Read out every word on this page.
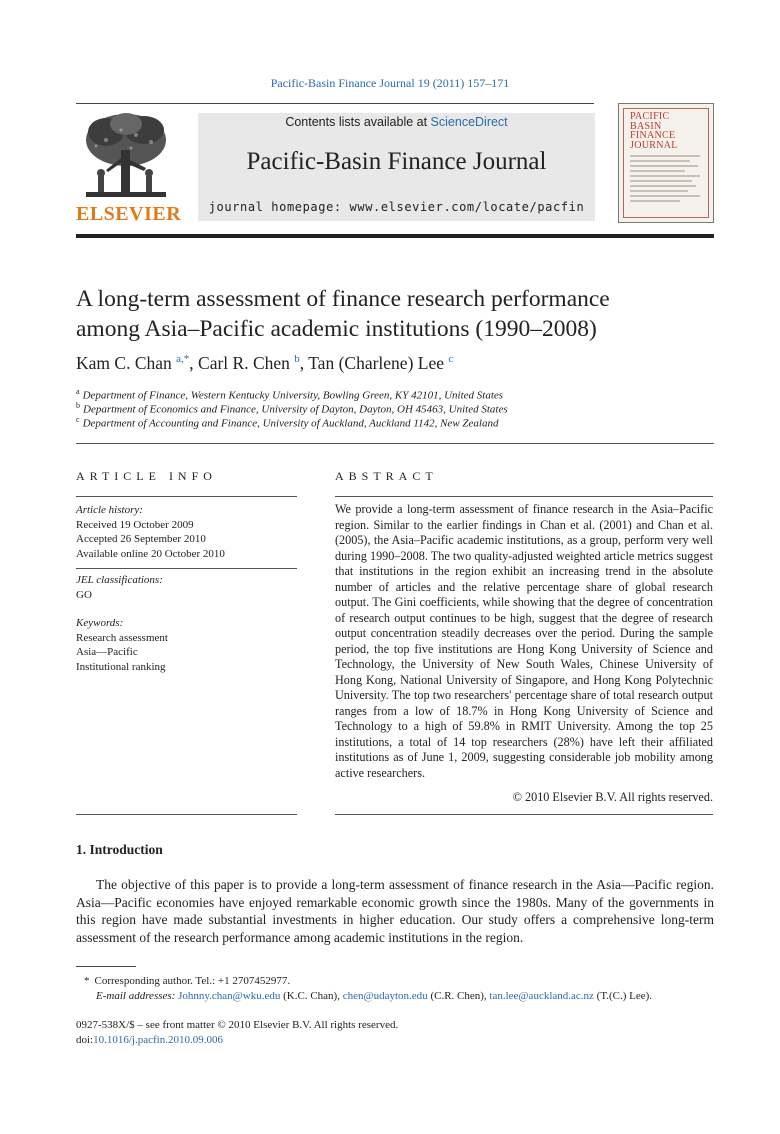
Pacific-Basin Finance Journal 19 (2011) 157–171
ELSEVIER
Contents lists available at ScienceDirect
Pacific-Basin Finance Journal
journal homepage: www.elsevier.com/locate/pacfin
PACIFIC
BASIN
FINANCE
JOURNAL
A long-term assessment of finance research performance
among Asia–Pacific academic institutions (1990–2008)
Kam C. Chan $^{a,*}$, Carl R. Chen $^b$, Tan (Charlene) Lee $^c$
$^a$ Department of Finance, Western Kentucky University, Bowling Green, KY 42101, United States
$^b$ Department of Economics and Finance, University of Dayton, Dayton, OH 45463, United States
$^c$ Department of Accounting and Finance, University of Auckland, Auckland 1142, New Zealand
ARTICLE INFO
Article history:
Received 19 October 2009
Accepted 26 September 2010
Available online 20 October 2010
JEL classifications:
GO
Keywords:
Research assessment
Asia—Pacific
Institutional ranking
ABSTRACT
We provide a long-term assessment of finance research in the Asia–Pacific region. Similar to the earlier findings in Chan et al. (2001) and Chan et al. (2005), the Asia–Pacific academic institutions, as a group, perform very well during 1990–2008. The two quality-adjusted weighted article metrics suggest that institutions in the region exhibit an increasing trend in the absolute number of articles and the relative percentage share of global research output. The Gini coefficients, while showing that the degree of concentration of research output continues to be high, suggest that the degree of research output concentration steadily decreases over the period. During the sample period, the top five institutions are Hong Kong University of Science and Technology, the University of New South Wales, Chinese University of Hong Kong, National University of Singapore, and Hong Kong Polytechnic University. The top two researchers' percentage share of total research output ranges from a low of 18.7% in Hong Kong University of Science and Technology to a high of 59.8% in RMIT University. Among the top 25 institutions, a total of 14 top researchers (28%) have left their affiliated institutions as of June 1, 2009, suggesting considerable job mobility among active researchers.
© 2010 Elsevier B.V. All rights reserved.
1. Introduction
The objective of this paper is to provide a long-term assessment of finance research in the Asia—Pacific region. Asia—Pacific economies have enjoyed remarkable economic growth since the 1980s. Many of the governments in this region have made substantial investments in higher education. Our study offers a comprehensive long-term assessment of the research performance among academic institutions in the region.
* Corresponding author. Tel.: +1 2707452977.
E-mail addresses: Johnny.chan@wku.edu (K.C. Chan), chen@udayton.edu (C.R. Chen), tan.lee@auckland.ac.nz (T.(C.) Lee).
0927-538X/$ – see front matter © 2010 Elsevier B.V. All rights reserved.
doi:10.1016/j.pacfin.2010.09.006
